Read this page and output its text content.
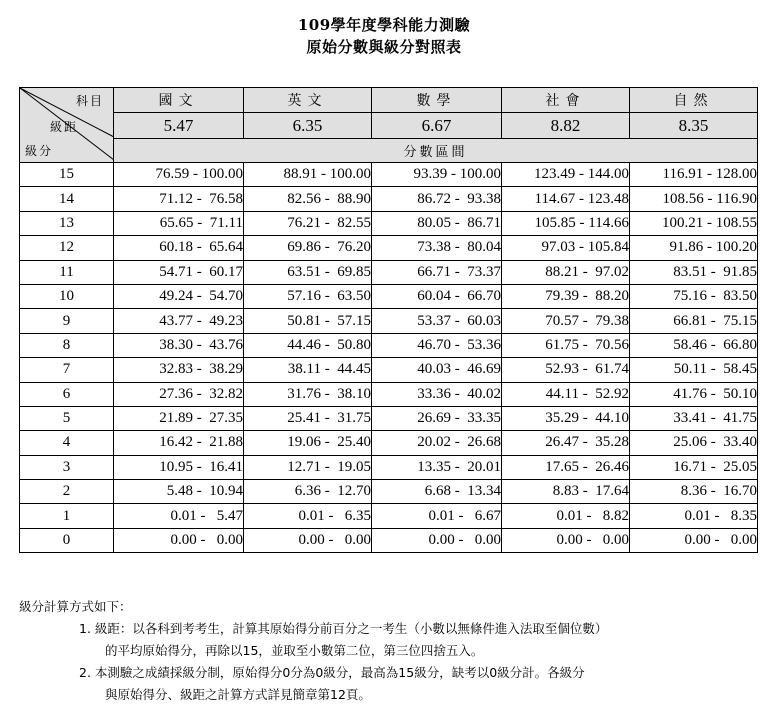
109學年度學科能力測驗
原始分數與級分對照表
科目
級距
級分	國文	英文	數學	社會	自然
	5.47	6.35	6.67	8.82	8.35
	分數區間				
15	76.59 - 100.00	88.91 - 100.00	93.39 - 100.00	123.49 - 144.00	116.91 - 128.00
14	71.12 -  76.58	82.56 -  88.90	86.72 -  93.38	114.67 - 123.48	108.56 - 116.90
13	65.65 -  71.11	76.21 -  82.55	80.05 -  86.71	105.85 - 114.66	100.21 - 108.55
12	60.18 -  65.64	69.86 -  76.20	73.38 -  80.04	97.03 - 105.84	91.86 - 100.20
11	54.71 -  60.17	63.51 -  69.85	66.71 -  73.37	88.21 -  97.02	83.51 -  91.85
10	49.24 -  54.70	57.16 -  63.50	60.04 -  66.70	79.39 -  88.20	75.16 -  83.50
9	43.77 -  49.23	50.81 -  57.15	53.37 -  60.03	70.57 -  79.38	66.81 -  75.15
8	38.30 -  43.76	44.46 -  50.80	46.70 -  53.36	61.75 -  70.56	58.46 -  66.80
7	32.83 -  38.29	38.11 -  44.45	40.03 -  46.69	52.93 -  61.74	50.11 -  58.45
6	27.36 -  32.82	31.76 -  38.10	33.36 -  40.02	44.11 -  52.92	41.76 -  50.10
5	21.89 -  27.35	25.41 -  31.75	26.69 -  33.35	35.29 -  44.10	33.41 -  41.75
4	16.42 -  21.88	19.06 -  25.40	20.02 -  26.68	26.47 -  35.28	25.06 -  33.40
3	10.95 -  16.41	12.71 -  19.05	13.35 -  20.01	17.65 -  26.46	16.71 -  25.05
2	5.48 -  10.94	6.36 -  12.70	6.68 -  13.34	8.83 -  17.64	8.36 -  16.70
1	0.01 -   5.47	0.01 -   6.35	0.01 -   6.67	0.01 -   8.82	0.01 -   8.35
0	0.00 -   0.00	0.00 -   0.00	0.00 -   0.00	0.00 -   0.00	0.00 -   0.00
級分計算方式如下：
1. 級距：以各科到考考生，計算其原始得分前百分之一考生（小數以無條件進入法取至個位數）
的平均原始得分，再除以15，並取至小數第二位，第三位四捨五入。
2. 本測驗之成績採級分制，原始得分0分為0級分，最高為15級分，缺考以0級分計。各級分
與原始得分、級距之計算方式詳見簡章第12頁。
